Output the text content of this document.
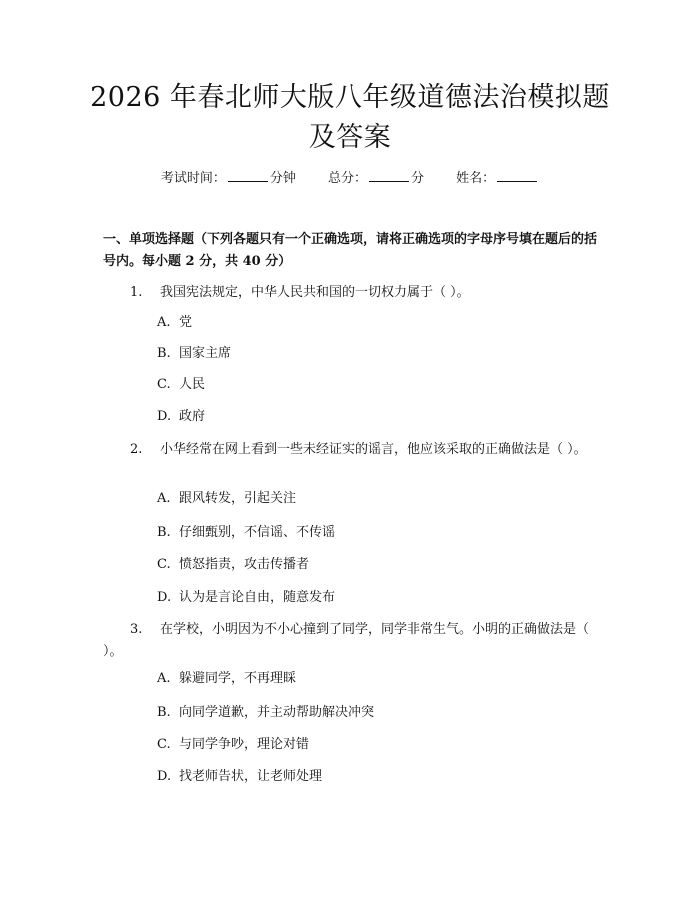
2026 年春北师大版八年级道德法治模拟题及答案
考试时间：	分钟 总分：	分 姓名：
一、单项选择题（下列各题只有一个正确选项，请将正确选项的字母序号填在题后的括号内。每小题 2 分，共 40 分）
1. 我国宪法规定，中华人民共和国的一切权力属于（ ）。
A. 党
B. 国家主席
C. 人民
D. 政府
2. 小华经常在网上看到一些未经证实的谣言，他应该采取的正确做法是（ ）。
A. 跟风转发，引起关注
B. 仔细甄别，不信谣、不传谣
C. 愤怒指责，攻击传播者
D. 认为是言论自由，随意发布
3. 在学校，小明因为不小心撞到了同学，同学非常生气。小明的正确做法是（ ）。
A. 躲避同学，不再理睬
B. 向同学道歉，并主动帮助解决冲突
C. 与同学争吵，理论对错
D. 找老师告状，让老师处理
